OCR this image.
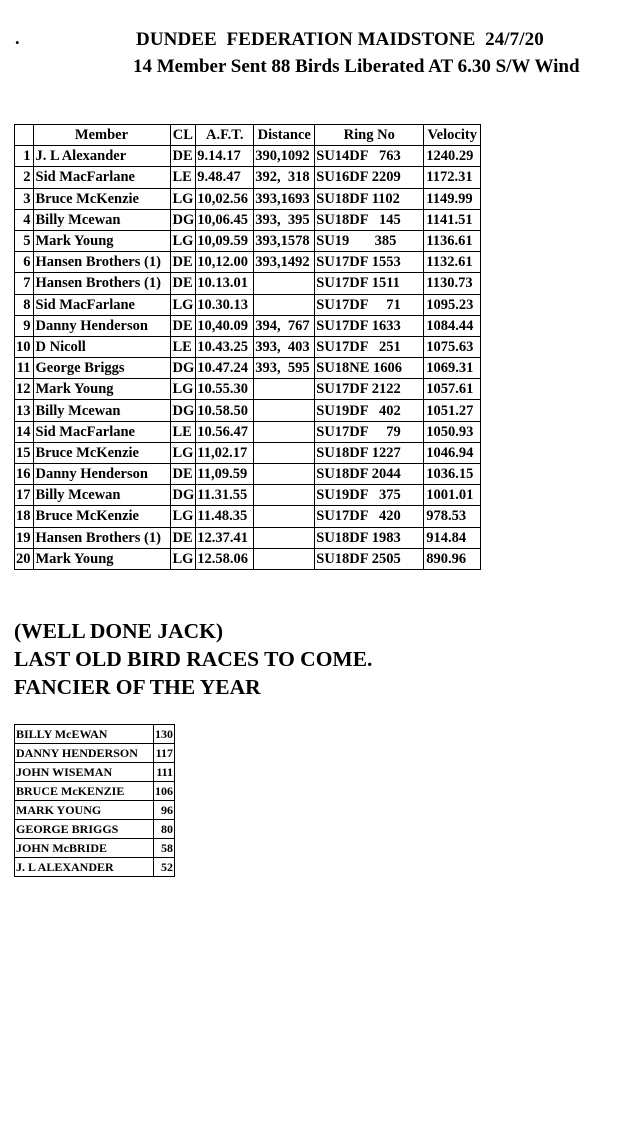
.	DUNDEE  FEDERATION MAIDSTONE  24/7/20
14 Member Sent 88 Birds Liberated AT 6.30 S/W Wind
	Member	CL	A.F.T.	Distance	Ring No	Velocity
1	J. L Alexander	DE	9.14.17	390,1092	SU14DF   763	1240.29
2	Sid MacFarlane	LE	9.48.47	392,  318	SU16DF 2209	1172.31
3	Bruce McKenzie	LG	10,02.56	393,1693	SU18DF 1102	1149.99
4	Billy Mcewan	DG	10,06.45	393,  395	SU18DF   145	1141.51
5	Mark Young	LG	10,09.59	393,1578	SU19       385	1136.61
6	Hansen Brothers (1)	DE	10,12.00	393,1492	SU17DF 1553	1132.61
7	Hansen Brothers (1)	DE	10.13.01		SU17DF 1511	1130.73
8	Sid MacFarlane	LG	10.30.13		SU17DF     71	1095.23
9	Danny Henderson	DE	10,40.09	394,  767	SU17DF 1633	1084.44
10	D Nicoll	LE	10.43.25	393,  403	SU17DF   251	1075.63
11	George Briggs	DG	10.47.24	393,  595	SU18NE 1606	1069.31
12	Mark Young	LG	10.55.30		SU17DF 2122	1057.61
13	Billy Mcewan	DG	10.58.50		SU19DF   402	1051.27
14	Sid MacFarlane	LE	10.56.47		SU17DF     79	1050.93
15	Bruce McKenzie	LG	11,02.17		SU18DF 1227	1046.94
16	Danny Henderson	DE	11,09.59		SU18DF 2044	1036.15
17	Billy Mcewan	DG	11.31.55		SU19DF   375	1001.01
18	Bruce McKenzie	LG	11.48.35		SU17DF   420	978.53
19	Hansen Brothers (1)	DE	12.37.41		SU18DF 1983	914.84
20	Mark Young	LG	12.58.06		SU18DF 2505	890.96
(WELL DONE JACK)
LAST OLD BIRD RACES TO COME.
FANCIER OF THE YEAR
BILLY McEWAN	130
DANNY HENDERSON	117
JOHN WISEMAN	111
BRUCE McKENZIE	106
MARK YOUNG	96
GEORGE BRIGGS	80
JOHN McBRIDE	58
J. L ALEXANDER	52
